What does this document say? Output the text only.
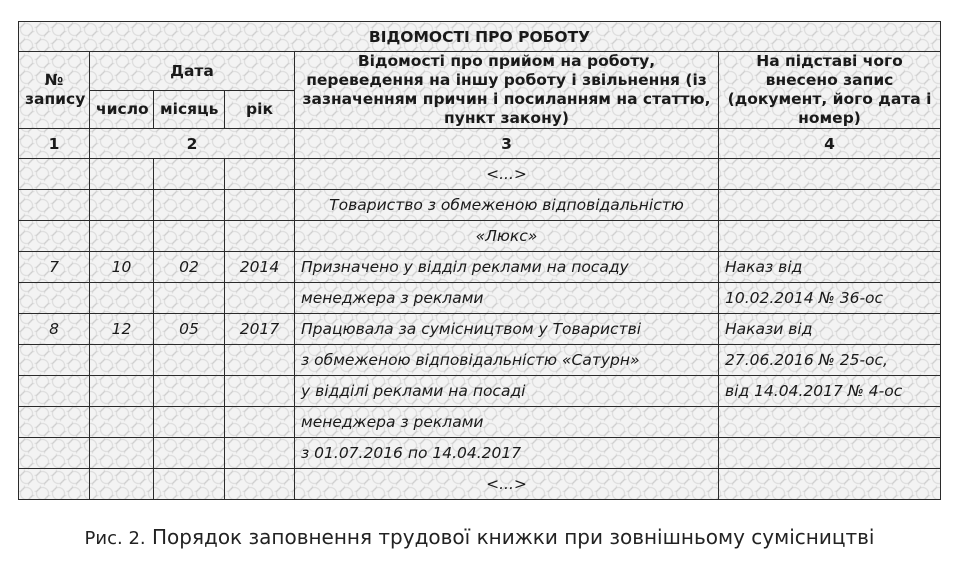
ВІДОМОСТІ ПРО РОБОТУ					
№ запису	Дата			Відомості про прийом на роботу, переведення на іншу роботу і звільнення (із зазначенням причин і посиланням на статтю, пункт закону)	На підставі чого внесено запис (документ, його дата і номер)
	число	місяць	рік		
1	2			3	4
				<...>	
				Товариство з обмеженою відповідальністю	
				«Люкс»	
7	10	02	2014	Призначено у відділ реклами на посаду	Наказ від
				менеджера з реклами	10.02.2014 № 36-ос
8	12	05	2017	Працювала за сумісництвом у Товаристві	Накази від
				з обмеженою відповідальністю «Сатурн»	27.06.2016 № 25-ос,
				у відділі реклами на посаді	від 14.04.2017 № 4-ос
				менеджера з реклами	
				з 01.07.2016 по 14.04.2017	
				<...>	
Рис. 2. Порядок заповнення трудової книжки при зовнішньому сумісництві
